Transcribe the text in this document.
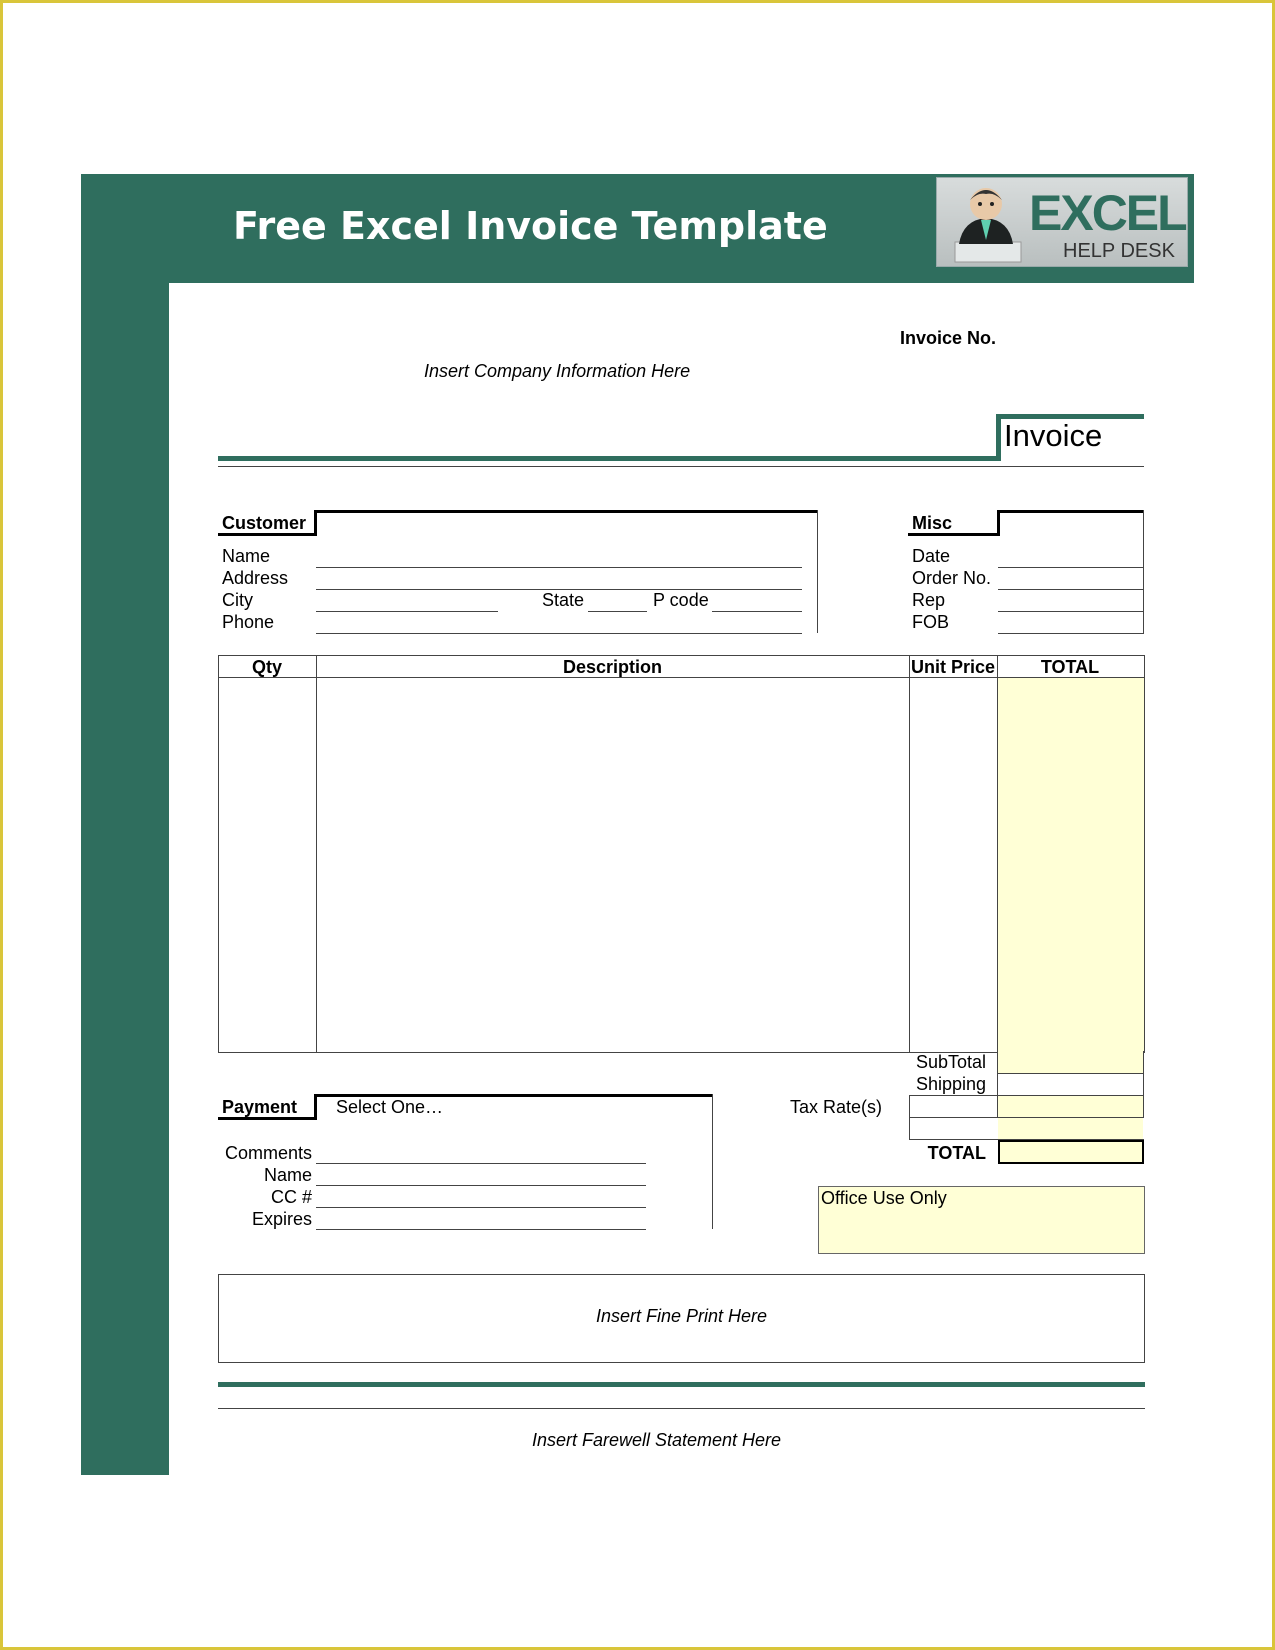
Free Excel Invoice Template	EXCEL
HELP DESK
Invoice No.
Insert Company Information Here
Invoice
Customer
Name
Address
City	State	P code
Phone
Misc
Date
Order No.
Rep
FOB
Qty	Description	Unit Price	TOTAL
SubTotal
Shipping
Tax Rate(s)
TOTAL
Payment Select One…
Comments
Name
CC #
Expires
Office Use Only
Insert Fine Print Here
Insert Farewell Statement Here
